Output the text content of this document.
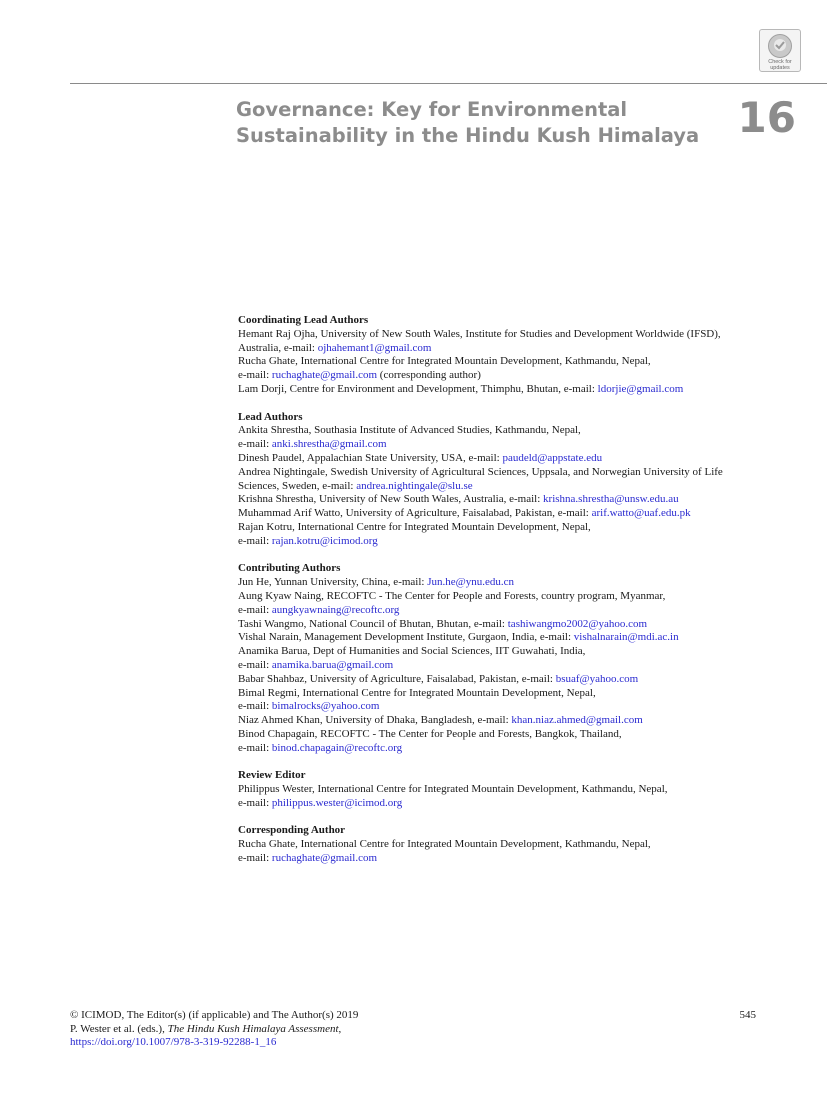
Check for
updates
Governance: Key for Environmental
Sustainability in the Hindu Kush Himalaya 16
Coordinating Lead Authors
Hemant Raj Ojha, University of New South Wales, Institute for Studies and Development Worldwide (IFSD),
Australia, e-mail: ojhahemant1@gmail.com
Rucha Ghate, International Centre for Integrated Mountain Development, Kathmandu, Nepal,
e-mail: ruchaghate@gmail.com (corresponding author)
Lam Dorji, Centre for Environment and Development, Thimphu, Bhutan, e-mail: ldorjie@gmail.com
Lead Authors
Ankita Shrestha, Southasia Institute of Advanced Studies, Kathmandu, Nepal,
e-mail: anki.shrestha@gmail.com
Dinesh Paudel, Appalachian State University, USA, e-mail: paudeld@appstate.edu
Andrea Nightingale, Swedish University of Agricultural Sciences, Uppsala, and Norwegian University of Life
Sciences, Sweden, e-mail: andrea.nightingale@slu.se
Krishna Shrestha, University of New South Wales, Australia, e-mail: krishna.shrestha@unsw.edu.au
Muhammad Arif Watto, University of Agriculture, Faisalabad, Pakistan, e-mail: arif.watto@uaf.edu.pk
Rajan Kotru, International Centre for Integrated Mountain Development, Nepal,
e-mail: rajan.kotru@icimod.org
Contributing Authors
Jun He, Yunnan University, China, e-mail: Jun.he@ynu.edu.cn
Aung Kyaw Naing, RECOFTC - The Center for People and Forests, country program, Myanmar,
e-mail: aungkyawnaing@recoftc.org
Tashi Wangmo, National Council of Bhutan, Bhutan, e-mail: tashiwangmo2002@yahoo.com
Vishal Narain, Management Development Institute, Gurgaon, India, e-mail: vishalnarain@mdi.ac.in
Anamika Barua, Dept of Humanities and Social Sciences, IIT Guwahati, India,
e-mail: anamika.barua@gmail.com
Babar Shahbaz, University of Agriculture, Faisalabad, Pakistan, e-mail: bsuaf@yahoo.com
Bimal Regmi, International Centre for Integrated Mountain Development, Nepal,
e-mail: bimalrocks@yahoo.com
Niaz Ahmed Khan, University of Dhaka, Bangladesh, e-mail: khan.niaz.ahmed@gmail.com
Binod Chapagain, RECOFTC - The Center for People and Forests, Bangkok, Thailand,
e-mail: binod.chapagain@recoftc.org
Review Editor
Philippus Wester, International Centre for Integrated Mountain Development, Kathmandu, Nepal,
e-mail: philippus.wester@icimod.org
Corresponding Author
Rucha Ghate, International Centre for Integrated Mountain Development, Kathmandu, Nepal,
e-mail: ruchaghate@gmail.com
© ICIMOD, The Editor(s) (if applicable) and The Author(s) 2019
P. Wester et al. (eds.), The Hindu Kush Himalaya Assessment,
https://doi.org/10.1007/978-3-319-92288-1_16
545
